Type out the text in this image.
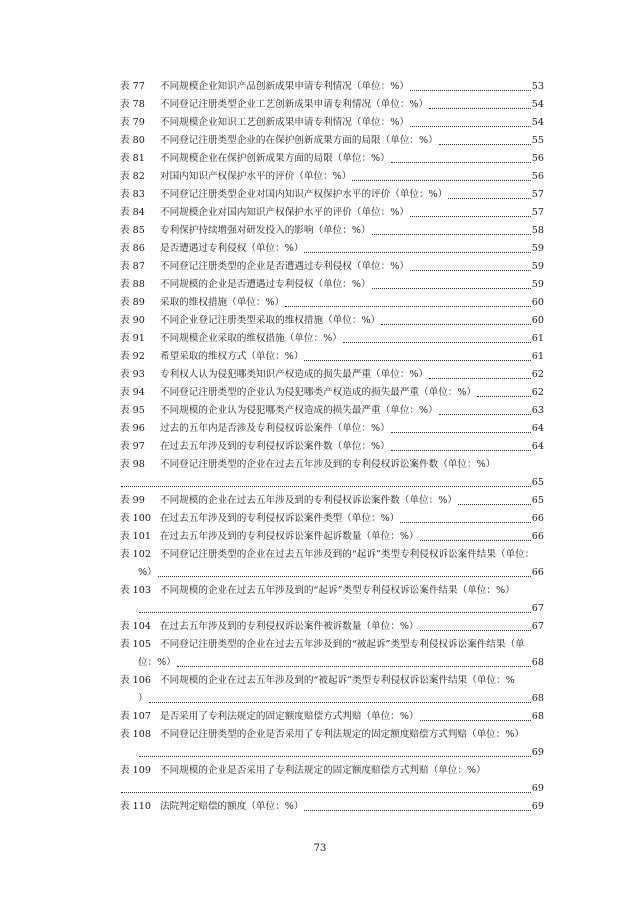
表 77	不同规模企业知识产品创新成果申请专利情况（单位：%）	53
表 78	不同登记注册类型企业工艺创新成果申请专利情况（单位：%）	54
表 79	不同规模企业知识工艺创新成果申请专利情况（单位：%）	54
表 80	不同登记注册类型企业的在保护创新成果方面的局限（单位：%）	55
表 81	不同规模企业在保护创新成果方面的局限（单位：%）	56
表 82	对国内知识产权保护水平的评价（单位：%）	56
表 83	不同登记注册类型企业对国内知识产权保护水平的评价（单位：%）	57
表 84	不同规模企业对国内知识产权保护水平的评价（单位：%）	57
表 85	专利保护持续增强对研发投入的影响（单位：%）	58
表 86	是否遭遇过专利侵权（单位：%）	59
表 87	不同登记注册类型的企业是否遭遇过专利侵权（单位：%）	59
表 88	不同规模的企业是否遭遇过专利侵权（单位：%）	59
表 89	采取的维权措施（单位：%）	60
表 90	不同企业登记注册类型采取的维权措施（单位：%）	60
表 91	不同规模企业采取的维权措施（单位：%）	61
表 92	希望采取的维权方式（单位：%）	61
表 93	专利权人认为侵犯哪类知识产权造成的损失最严重（单位：%）	62
表 94	不同登记注册类型的企业认为侵犯哪类产权造成的损失最严重（单位：%）	62
表 95	不同规模的企业认为侵犯哪类产权造成的损失最严重（单位：%）	63
表 96	过去的五年内是否涉及专利侵权诉讼案件（单位：%）	64
表 97	在过去五年涉及到的专利侵权诉讼案件数（单位：%）	64
表 98	不同登记注册类型的企业在过去五年涉及到的专利侵权诉讼案件数（单位：%）
65
表 99	不同规模的企业在过去五年涉及到的专利侵权诉讼案件数（单位：%）	65
表 100 在过去五年涉及到的专利侵权诉讼案件类型（单位：%）	66
表 101 在过去五年涉及到的专利侵权诉讼案件起诉数量（单位：%）	66
表 102 不同登记注册类型的企业在过去五年涉及到的“起诉”类型专利侵权诉讼案件结果（单位：
%）	66
表 103 不同规模的企业在过去五年涉及到的“起诉”类型专利侵权诉讼案件结果（单位：%）
67
表 104 在过去五年涉及到的专利侵权诉讼案件被诉数量（单位：%）	67
表 105 不同登记注册类型的企业在过去五年涉及到的“被起诉”类型专利侵权诉讼案件结果（单
位：%）	68
表 106 不同规模的企业在过去五年涉及到的“被起诉”类型专利侵权诉讼案件结果（单位：%
）	68
表 107 是否采用了专利法规定的固定额度赔偿方式判赔（单位：%）	68
表 108 不同登记注册类型的企业是否采用了专利法规定的固定额度赔偿方式判赔（单位：%）
69
表 109 不同规模的企业是否采用了专利法规定的固定额度赔偿方式判赔（单位：%）
69
表 110 法院判定赔偿的额度（单位：%）	69
73
